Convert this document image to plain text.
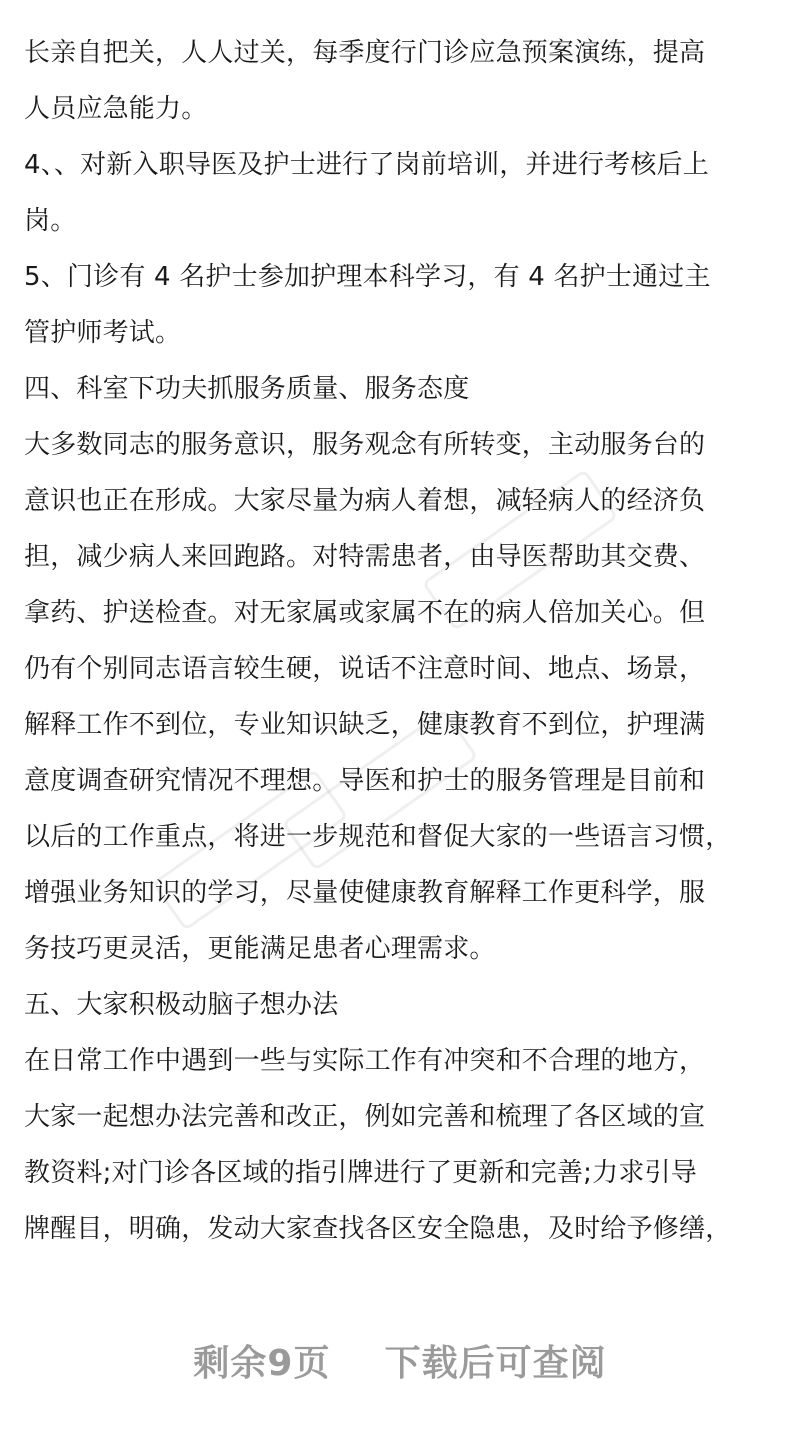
长亲自把关，人人过关，每季度行门诊应急预案演练，提高
人员应急能力。
4、、对新入职导医及护士进行了岗前培训，并进行考核后上
岗。
5、门诊有 4 名护士参加护理本科学习，有 4 名护士通过主
管护师考试。
四、科室下功夫抓服务质量、服务态度
大多数同志的服务意识，服务观念有所转变，主动服务台的
意识也正在形成。大家尽量为病人着想，减轻病人的经济负
担，减少病人来回跑路。对特需患者，由导医帮助其交费、
拿药、护送检查。对无家属或家属不在的病人倍加关心。但
仍有个别同志语言较生硬，说话不注意时间、地点、场景，
解释工作不到位，专业知识缺乏，健康教育不到位，护理满
意度调查研究情况不理想。导医和护士的服务管理是目前和
以后的工作重点，将进一步规范和督促大家的一些语言习惯，
增强业务知识的学习，尽量使健康教育解释工作更科学，服
务技巧更灵活，更能满足患者心理需求。
五、大家积极动脑子想办法
在日常工作中遇到一些与实际工作有冲突和不合理的地方，
大家一起想办法完善和改正，例如完善和梳理了各区域的宣
教资料;对门诊各区域的指引牌进行了更新和完善;力求引导
牌醒目，明确，发动大家查找各区安全隐患，及时给予修缮，
剩余9页    下载后可查阅
